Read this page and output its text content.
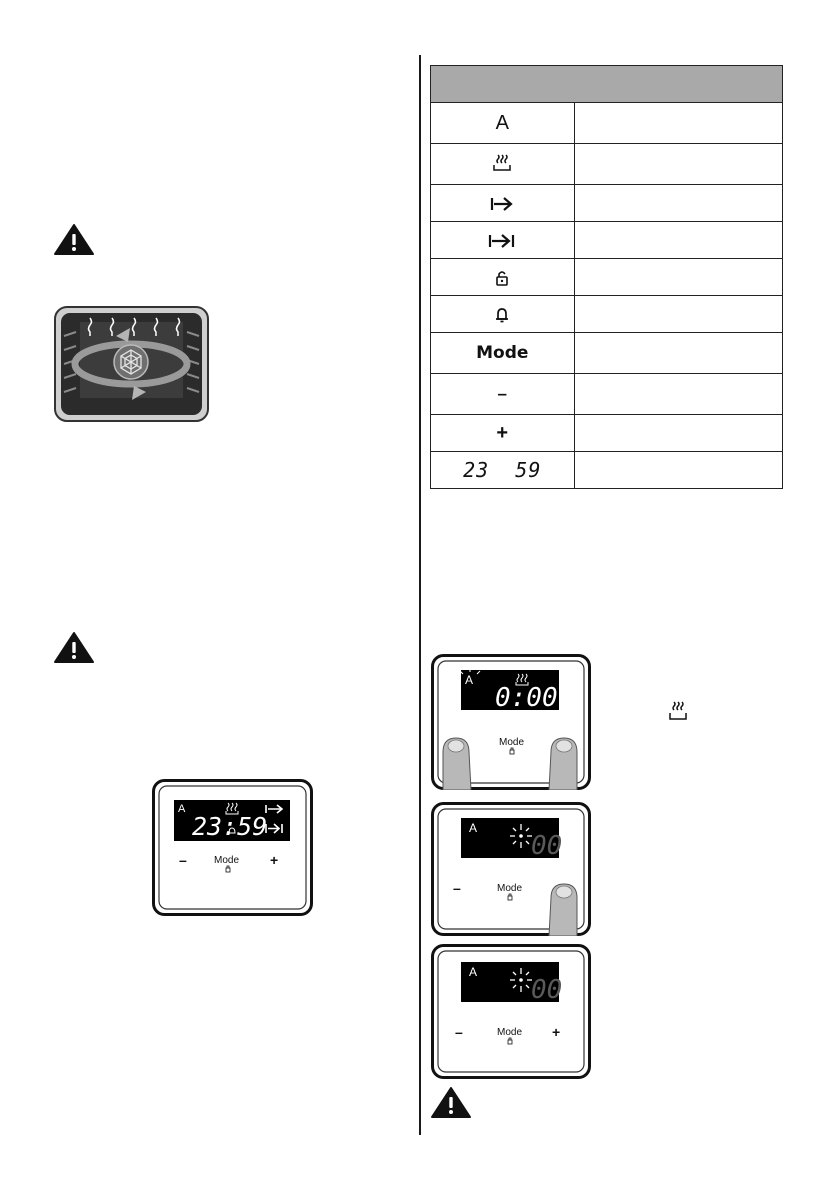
A
23:59
–	Mode +

A	

Mode	
–	
+	
23  59	
A
0:00
Mode
A
00
–	Mode
A
00
–	Mode +
